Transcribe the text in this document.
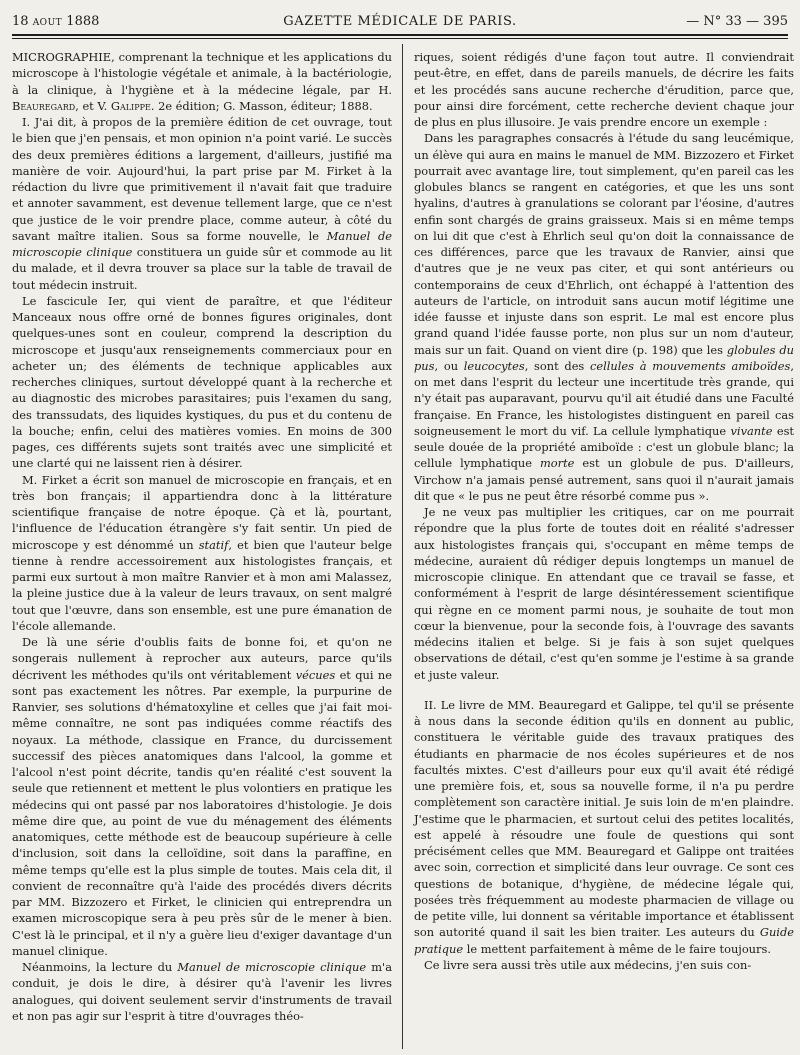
18 AOUT 1888	GAZETTE MÉDICALE DE PARIS.	— N° 33 — 395

MICROGRAPHIE, comprenant la technique et les applications du microscope à l'histologie végétale et animale, à la bactériologie, à la clinique, à l'hygiène et à la médecine légale, par H. Beauregard, et V. Galippe. 2e édition; G. Masson, éditeur; 1888.

I. J'ai dit, à propos de la première édition de cet ouvrage, tout le bien que j'en pensais, et mon opinion n'a point varié. Le succès des deux premières éditions a largement, d'ailleurs, justifié ma manière de voir. Aujourd'hui, la part prise par M. Firket à la rédaction du livre que primitivement il n'avait fait que traduire et annoter savamment, est devenue tellement large, que ce n'est que justice de le voir prendre place, comme auteur, à côté du savant maître italien. Sous sa forme nouvelle, le Manuel de microscopie clinique constituera un guide sûr et commode au lit du malade, et il devra trouver sa place sur la table de travail de tout médecin instruit.

Le fascicule Ier, qui vient de paraître, et que l'éditeur Manceaux nous offre orné de bonnes figures originales, dont quelques-unes sont en couleur, comprend la description du microscope et jusqu'aux renseignements commerciaux pour en acheter un; des éléments de technique applicables aux recherches cliniques, surtout développé quant à la recherche et au diagnostic des microbes parasitaires; puis l'examen du sang, des transsudats, des liquides kystiques, du pus et du contenu de la bouche; enfin, celui des matières vomies. En moins de 300 pages, ces différents sujets sont traités avec une simplicité et une clarté qui ne laissent rien à désirer.

M. Firket a écrit son manuel de microscopie en français, et en très bon français; il appartiendra donc à la littérature scientifique française de notre époque. Çà et là, pourtant, l'influence de l'éducation étrangère s'y fait sentir. Un pied de microscope y est dénommé un statif, et bien que l'auteur belge tienne à rendre accessoirement aux histologistes français, et parmi eux surtout à mon maître Ranvier et à mon ami Malassez, la pleine justice due à la valeur de leurs travaux, on sent malgré tout que l'œuvre, dans son ensemble, est une pure émanation de l'école allemande.

De là une série d'oublis faits de bonne foi, et qu'on ne songerais nullement à reprocher aux auteurs, parce qu'ils décrivent les méthodes qu'ils ont véritablement vécues et qui ne sont pas exactement les nôtres. Par exemple, la purpurine de Ranvier, ses solutions d'hématoxyline et celles que j'ai fait moi-même connaître, ne sont pas indiquées comme réactifs des noyaux. La méthode, classique en France, du durcissement successif des pièces anatomiques dans l'alcool, la gomme et l'alcool n'est point décrite, tandis qu'en réalité c'est souvent la seule que retiennent et mettent le plus volontiers en pratique les médecins qui ont passé par nos laboratoires d'histologie. Je dois même dire que, au point de vue du ménagement des éléments anatomiques, cette méthode est de beaucoup supérieure à celle d'inclusion, soit dans la celloïdine, soit dans la paraffine, en même temps qu'elle est la plus simple de toutes. Mais cela dit, il convient de reconnaître qu'à l'aide des procédés divers décrits par MM. Bizzozero et Firket, le clinicien qui entreprendra un examen microscopique sera à peu près sûr de le mener à bien. C'est là le principal, et il n'y a guère lieu d'exiger davantage d'un manuel clinique.

Néanmoins, la lecture du Manuel de microscopie clinique m'a conduit, je dois le dire, à désirer qu'à l'avenir les livres analogues, qui doivent seulement servir d'instruments de travail et non pas agir sur l'esprit à titre d'ouvrages théo-

riques, soient rédigés d'une façon tout autre. Il conviendrait peut-être, en effet, dans de pareils manuels, de décrire les faits et les procédés sans aucune recherche d'érudition, parce que, pour ainsi dire forcément, cette recherche devient chaque jour de plus en plus illusoire. Je vais prendre encore un exemple :

Dans les paragraphes consacrés à l'étude du sang leucémique, un élève qui aura en mains le manuel de MM. Bizzozero et Firket pourrait avec avantage lire, tout simplement, qu'en pareil cas les globules blancs se rangent en catégories, et que les uns sont hyalins, d'autres à granulations se colorant par l'éosine, d'autres enfin sont chargés de grains graisseux. Mais si en même temps on lui dit que c'est à Ehrlich seul qu'on doit la connaissance de ces différences, parce que les travaux de Ranvier, ainsi que d'autres que je ne veux pas citer, et qui sont antérieurs ou contemporains de ceux d'Ehrlich, ont échappé à l'attention des auteurs de l'article, on introduit sans aucun motif légitime une idée fausse et injuste dans son esprit. Le mal est encore plus grand quand l'idée fausse porte, non plus sur un nom d'auteur, mais sur un fait. Quand on vient dire (p. 198) que les globules du pus, ou leucocytes, sont des cellules à mouvements amiboïdes, on met dans l'esprit du lecteur une incertitude très grande, qui n'y était pas auparavant, pourvu qu'il ait étudié dans une Faculté française. En France, les histologistes distinguent en pareil cas soigneusement le mort du vif. La cellule lymphatique vivante est seule douée de la propriété amiboïde : c'est un globule blanc; la cellule lymphatique morte est un globule de pus. D'ailleurs, Virchow n'a jamais pensé autrement, sans quoi il n'aurait jamais dit que « le pus ne peut être résorbé comme pus ».

Je ne veux pas multiplier les critiques, car on me pourrait répondre que la plus forte de toutes doit en réalité s'adresser aux histologistes français qui, s'occupant en même temps de médecine, auraient dû rédiger depuis longtemps un manuel de microscopie clinique. En attendant que ce travail se fasse, et conformément à l'esprit de large désintéressement scientifique qui règne en ce moment parmi nous, je souhaite de tout mon cœur la bienvenue, pour la seconde fois, à l'ouvrage des savants médecins italien et belge. Si je fais à son sujet quelques observations de détail, c'est qu'en somme je l'estime à sa grande et juste valeur.

II. Le livre de MM. Beauregard et Galippe, tel qu'il se présente à nous dans la seconde édition qu'ils en donnent au public, constituera le véritable guide des travaux pratiques des étudiants en pharmacie de nos écoles supérieures et de nos facultés mixtes. C'est d'ailleurs pour eux qu'il avait été rédigé une première fois, et, sous sa nouvelle forme, il n'a pu perdre complètement son caractère initial. Je suis loin de m'en plaindre. J'estime que le pharmacien, et surtout celui des petites localités, est appelé à résoudre une foule de questions qui sont précisément celles que MM. Beauregard et Galippe ont traitées avec soin, correction et simplicité dans leur ouvrage. Ce sont ces questions de botanique, d'hygiène, de médecine légale qui, posées très fréquemment au modeste pharmacien de village ou de petite ville, lui donnent sa véritable importance et établissent son autorité quand il sait les bien traiter. Les auteurs du Guide pratique le mettent parfaitement à même de le faire toujours.

Ce livre sera aussi très utile aux médecins, j'en suis con-
